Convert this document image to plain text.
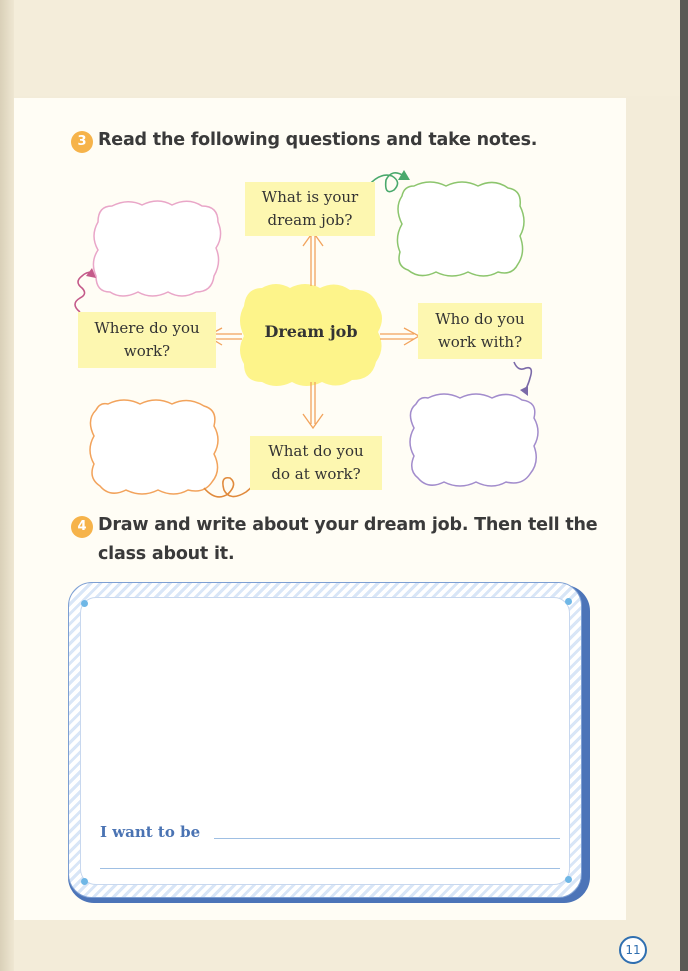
3 Read the following questions and take notes.
What is your
dream job?
Where do you
work?
Who do you
work with?
What do you
do at work?
Dream job
4 Draw and write about your dream job. Then tell the
class about it.
I want to be
11
